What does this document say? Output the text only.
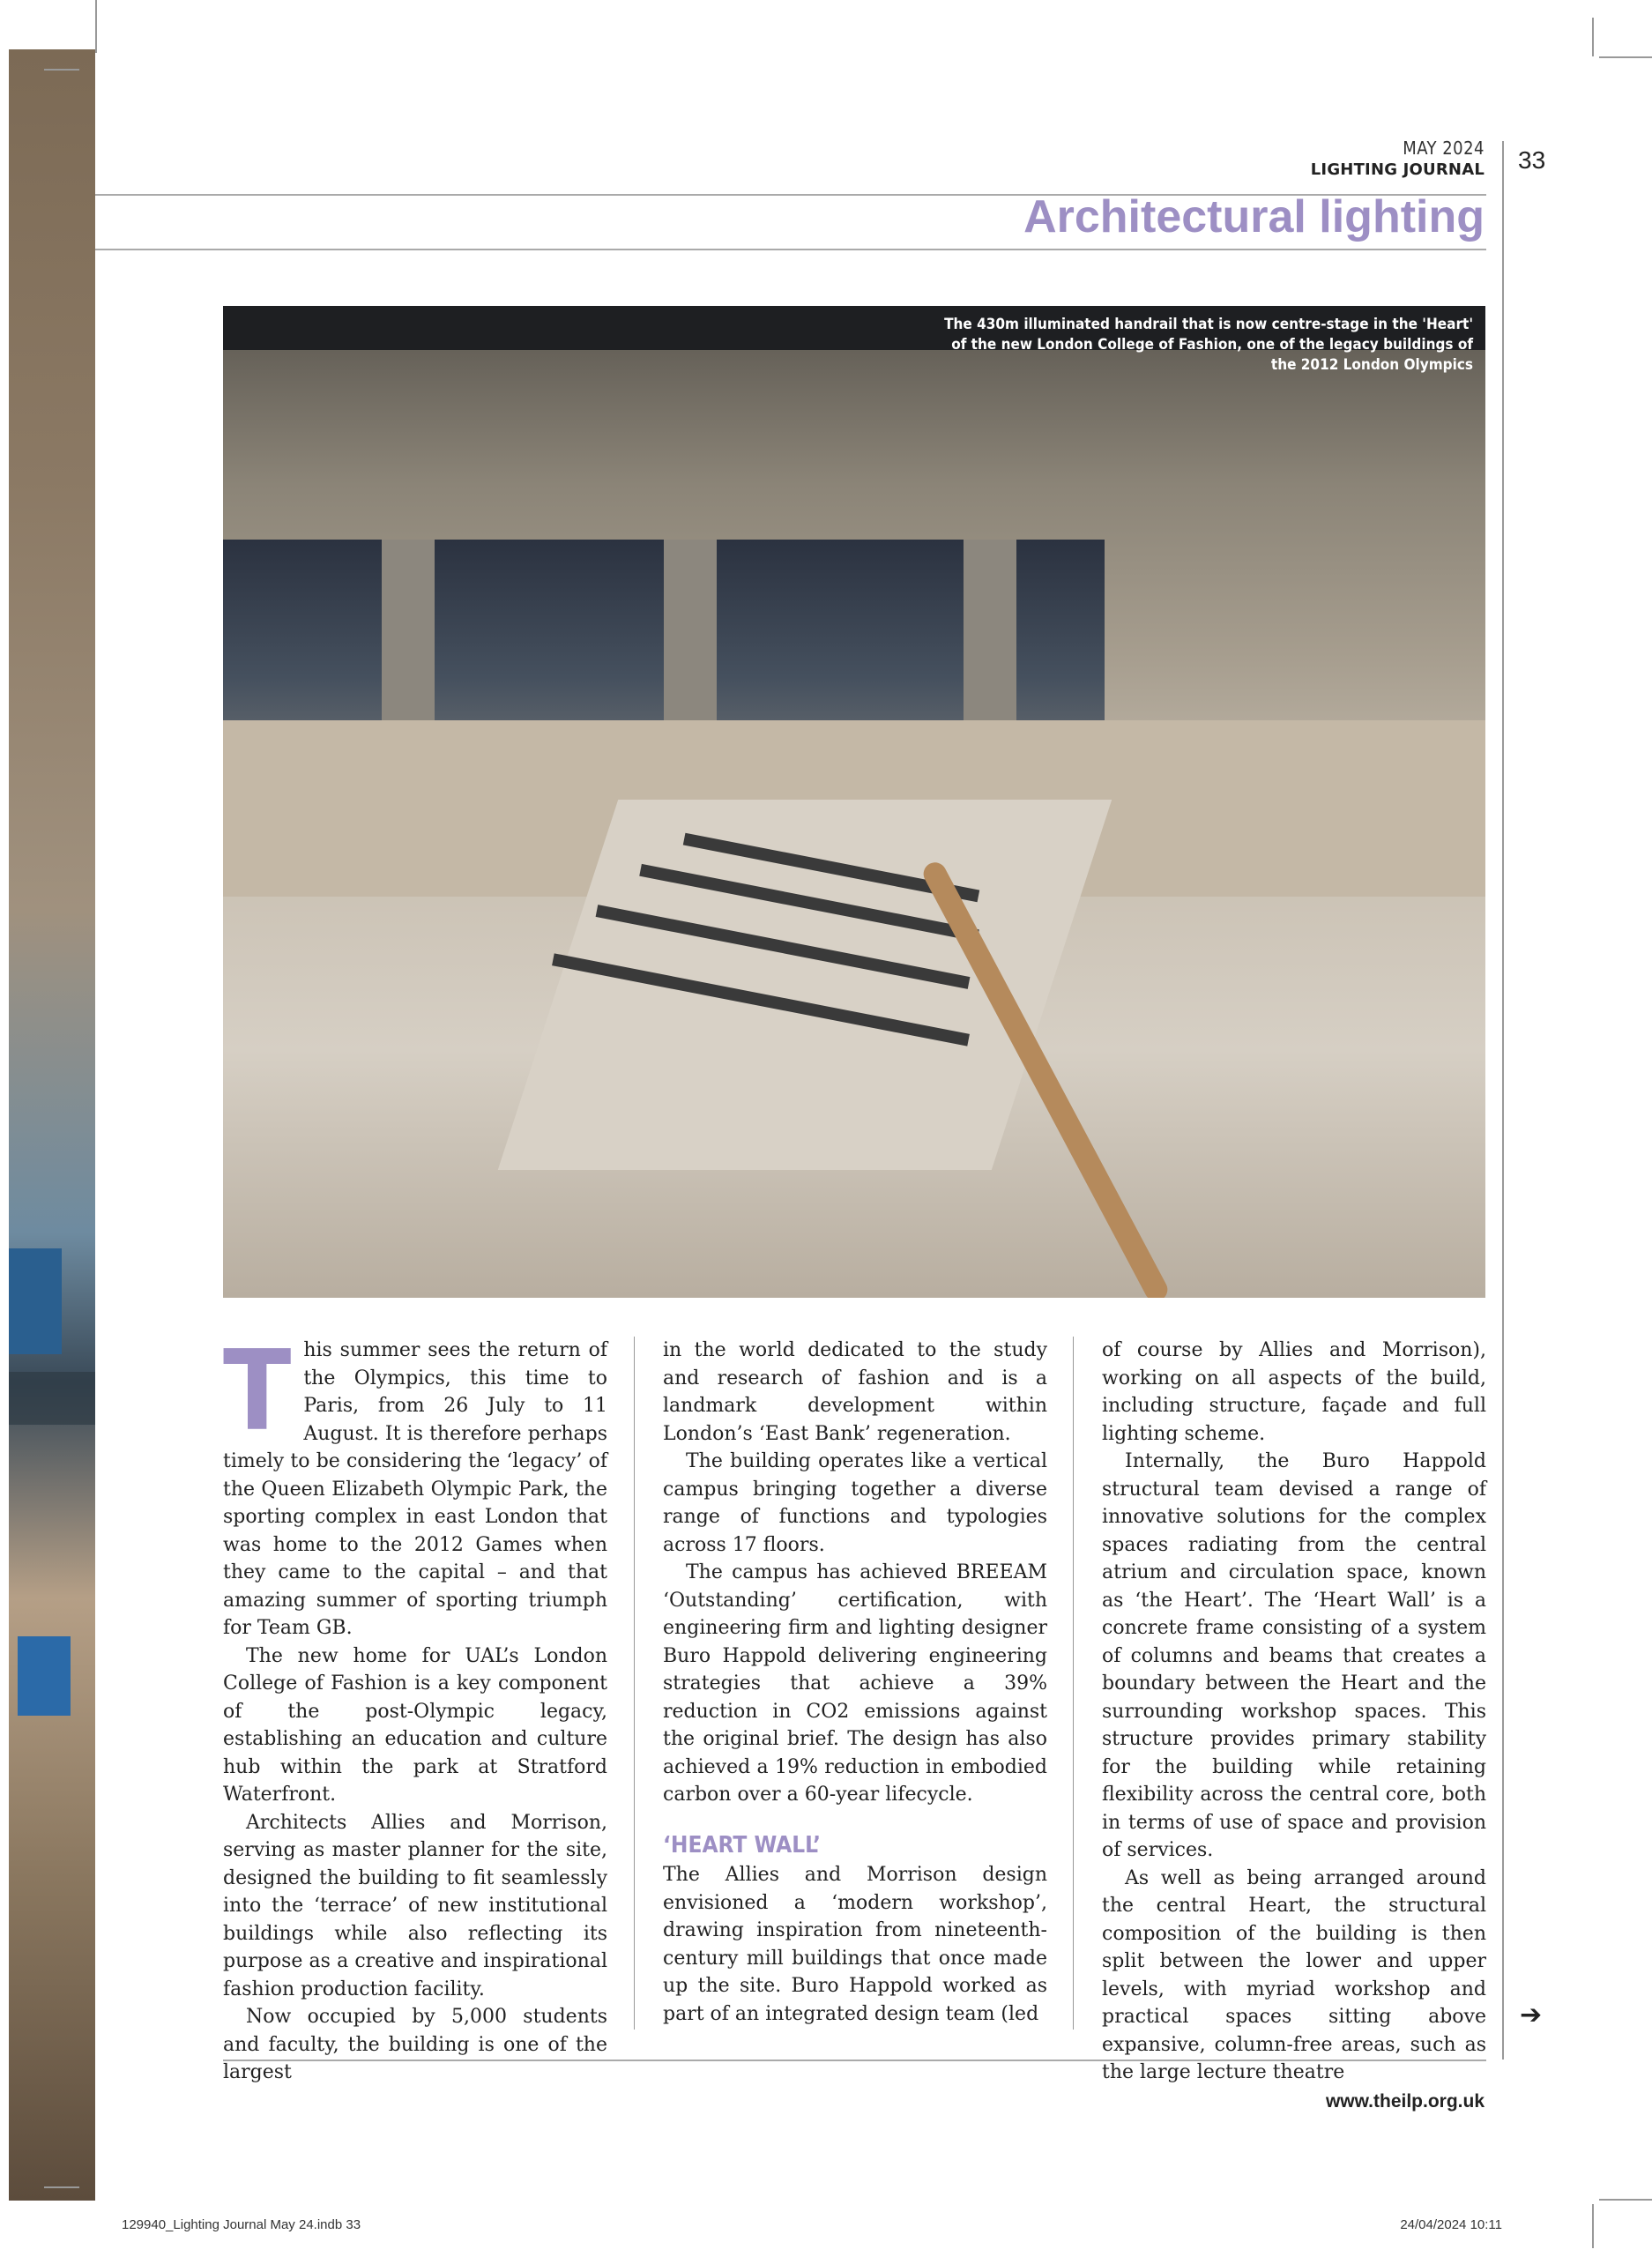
MAY 2024
LIGHTING JOURNAL 33
Architectural lighting
The 430m illuminated handrail that is now centre-stage in the 'Heart' of the new London College of Fashion, one of the legacy buildings of the 2012 London Olympics
T his summer sees the return of the Olympics, this time to Paris, from 26 July to 11 August. It is therefore perhaps timely to be considering the ‘legacy’ of the Queen Elizabeth Olympic Park, the sporting complex in east London that was home to the 2012 Games when they came to the capital – and that amazing summer of sporting triumph for Team GB.

The new home for UAL’s London College of Fashion is a key component of the post-Olympic legacy, establishing an education and culture hub within the park at Stratford Waterfront.

Architects Allies and Morrison, serving as master planner for the site, designed the building to fit seamlessly into the ‘terrace’ of new institutional buildings while also reflecting its purpose as a creative and inspirational fashion production facility.

Now occupied by 5,000 students and faculty, the building is one of the largest

in the world dedicated to the study and research of fashion and is a landmark development within London’s ‘East Bank’ regeneration.

The building operates like a vertical campus bringing together a diverse range of functions and typologies across 17 floors.

The campus has achieved BREEAM ‘Outstanding’ certification, with engineering firm and lighting designer Buro Happold delivering engineering strategies that achieve a 39% reduction in CO2 emissions against the original brief. The design has also achieved a 19% reduction in embodied carbon over a 60-year lifecycle.

‘HEART WALL’

The Allies and Morrison design envisioned a ‘modern workshop’, drawing inspiration from nineteenth-century mill buildings that once made up the site. Buro Happold worked as part of an integrated design team (led

of course by Allies and Morrison), working on all aspects of the build, including structure, façade and full lighting scheme.

Internally, the Buro Happold structural team devised a range of innovative solutions for the complex spaces radiating from the central atrium and circulation space, known as ‘the Heart’. The ‘Heart Wall’ is a concrete frame consisting of a system of columns and beams that creates a boundary between the Heart and the surrounding workshop spaces. This structure provides primary stability for the building while retaining flexibility across the central core, both in terms of use of space and provision of services.

As well as being arranged around the central Heart, the structural composition of the building is then split between the lower and upper levels, with myriad workshop and practical spaces sitting above expansive, column-free areas, such as the large lecture theatre

➔
www.theilp.org.uk
129940_Lighting Journal May 24.indb 33	24/04/2024 10:11
